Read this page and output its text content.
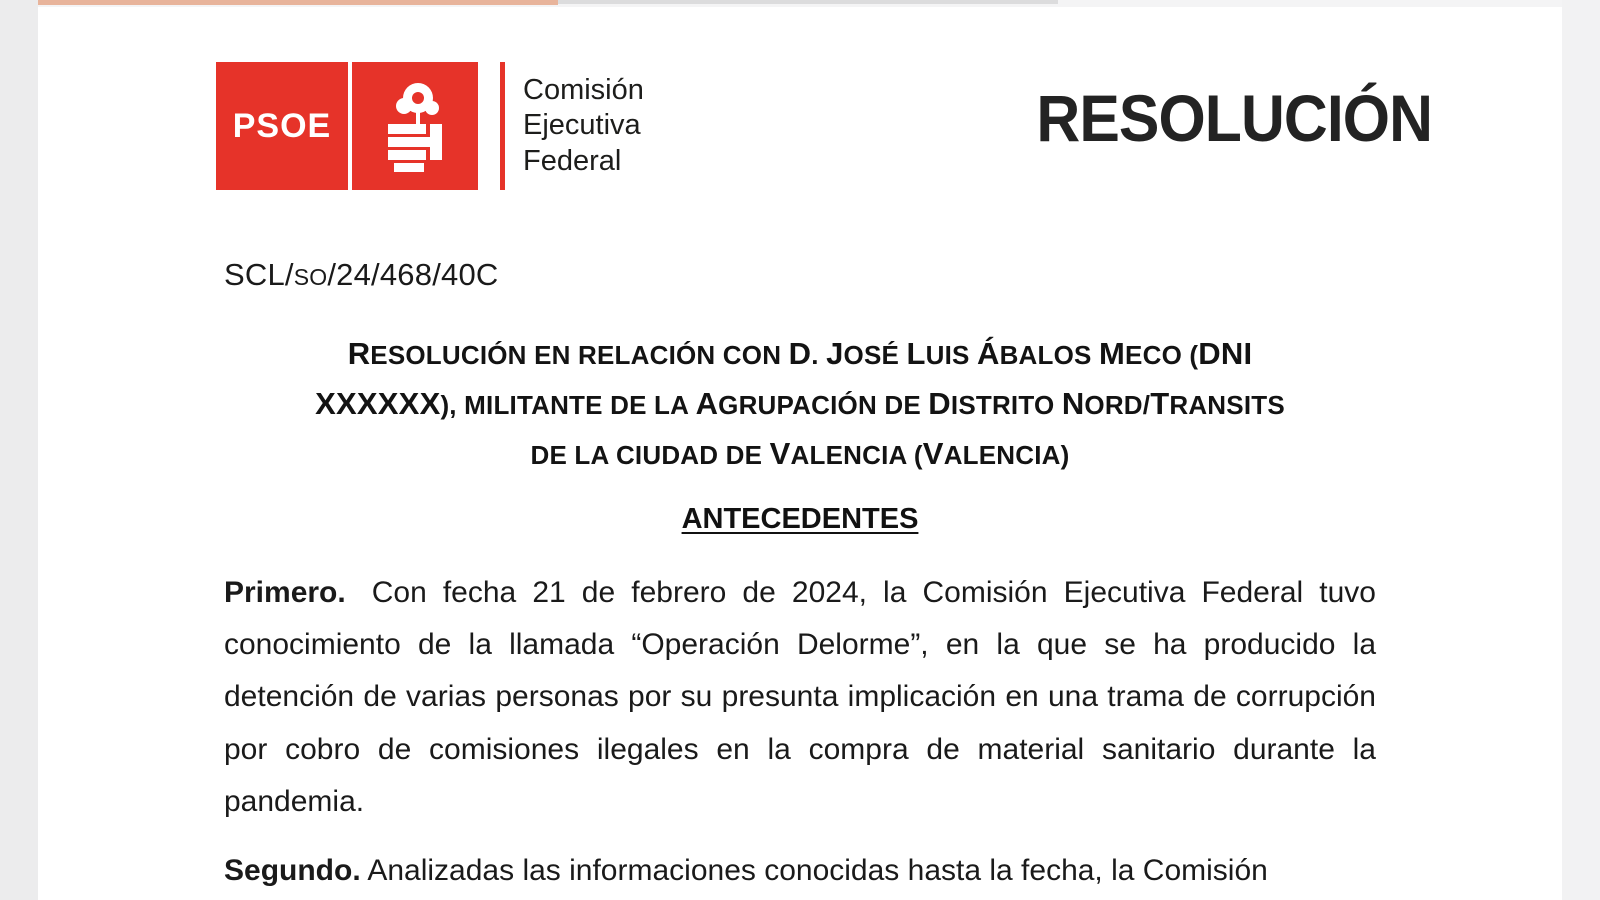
PSOE
Comisión
Ejecutiva
Federal
RESOLUCIÓN
SCL/SO/24/468/40C
RESOLUCIÓN EN RELACIÓN CON D. JOSÉ LUIS ÁBALOS MECO (DNI
XXXXXX), MILITANTE DE LA AGRUPACIÓN DE DISTRITO NORD/TRANSITS
DE LA CIUDAD DE VALENCIA (VALENCIA)
ANTECEDENTES
Primero. Con fecha 21 de febrero de 2024, la Comisión Ejecutiva Federal tuvo conocimiento de la llamada “Operación Delorme”, en la que se ha producido la detención de varias personas por su presunta implicación en una trama de corrupción por cobro de comisiones ilegales en la compra de material sanitario durante la pandemia.
Segundo. Analizadas las informaciones conocidas hasta la fecha, la Comisión
